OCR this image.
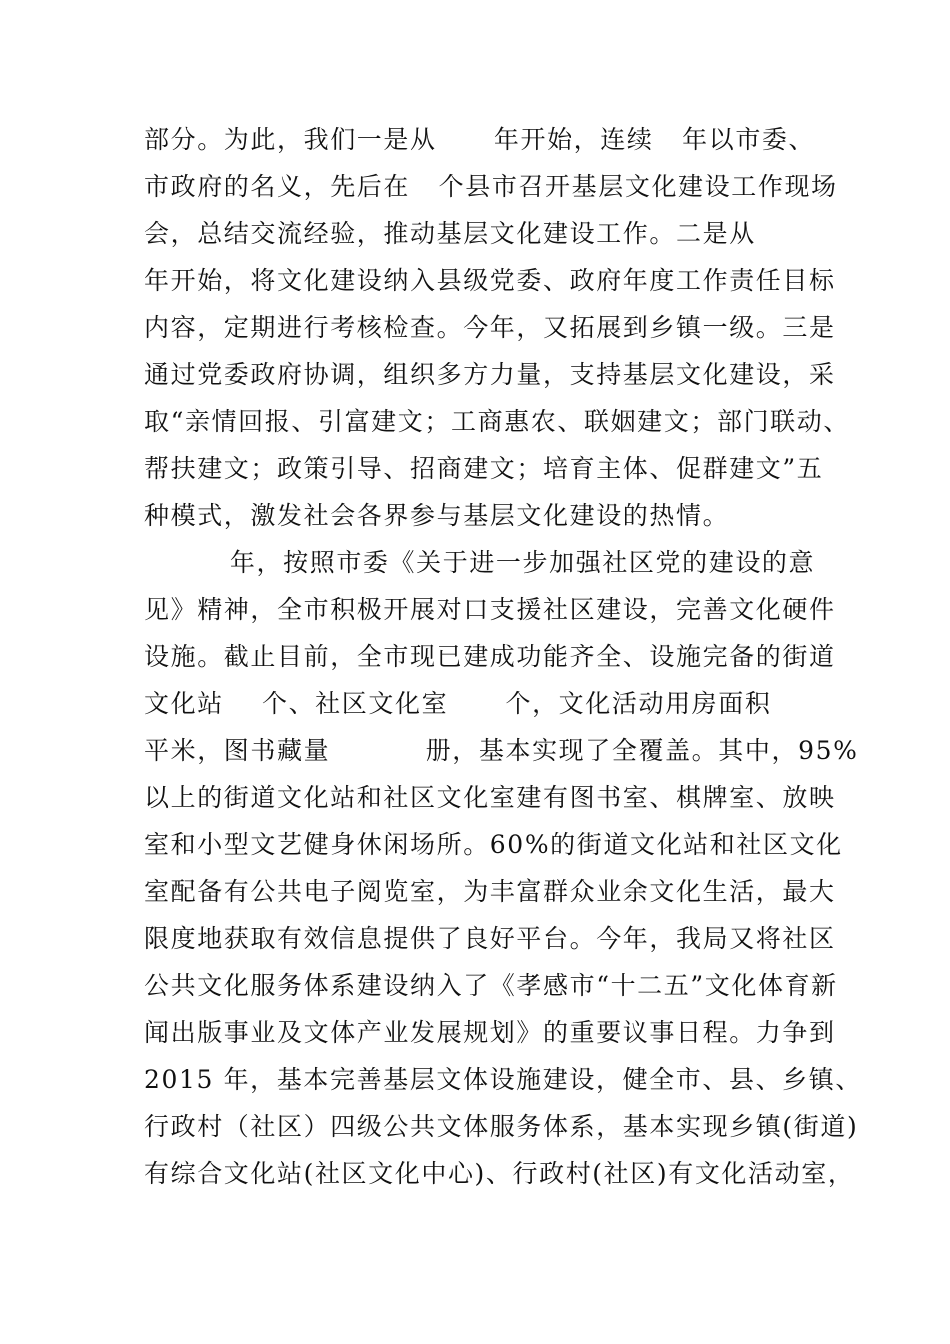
部分。为此，我们一是从      年开始，连续   年以市委、
市政府的名义，先后在   个县市召开基层文化建设工作现场
会，总结交流经验，推动基层文化建设工作。二是从
年开始，将文化建设纳入县级党委、政府年度工作责任目标
内容，定期进行考核检查。今年，又拓展到乡镇一级。三是
通过党委政府协调，组织多方力量，支持基层文化建设，采
取“亲情回报、引富建文；工商惠农、联姻建文；部门联动、
帮扶建文；政策引导、招商建文；培育主体、促群建文”五
种模式，激发社会各界参与基层文化建设的热情。
年，按照市委《关于进一步加强社区党的建设的意
见》精神，全市积极开展对口支援社区建设，完善文化硬件
设施。截止目前，全市现已建成功能齐全、设施完备的街道
文化站    个、社区文化室      个，文化活动用房面积
平米，图书藏量          册，基本实现了全覆盖。其中，95%
以上的街道文化站和社区文化室建有图书室、棋牌室、放映
室和小型文艺健身休闲场所。60%的街道文化站和社区文化
室配备有公共电子阅览室，为丰富群众业余文化生活，最大
限度地获取有效信息提供了良好平台。今年，我局又将社区
公共文化服务体系建设纳入了《孝感市“十二五”文化体育新
闻出版事业及文体产业发展规划》的重要议事日程。力争到
2015 年，基本完善基层文体设施建设，健全市、县、乡镇、
行政村（社区）四级公共文体服务体系，基本实现乡镇(街道)
有综合文化站(社区文化中心)、行政村(社区)有文化活动室，
